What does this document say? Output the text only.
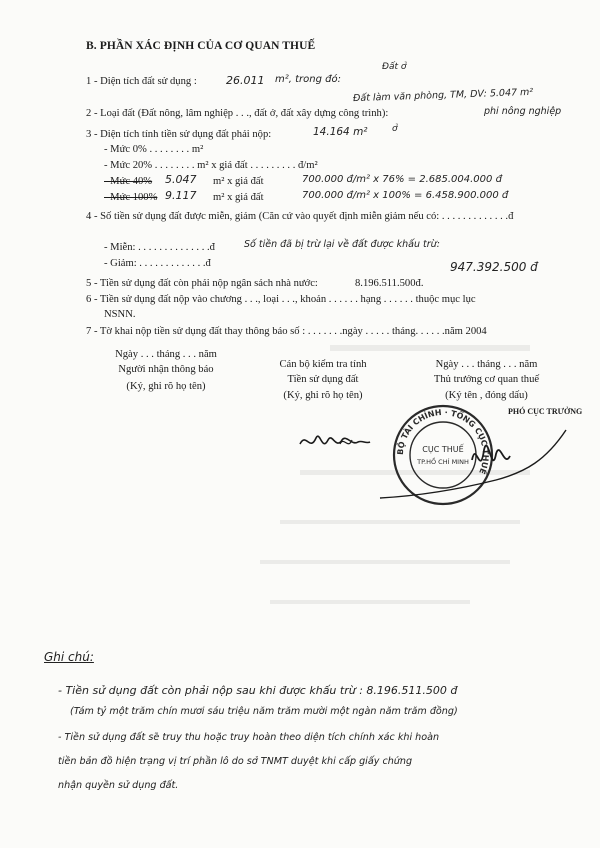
B. PHẦN XÁC ĐỊNH CỦA CƠ QUAN THUẾ
1 - Diện tích đất sử dụng :	26.011 m², trong đó:
Đất ở
Đất làm văn phòng, TM, DV: 5.047 m²
2 - Loại đất (Đất nông, lâm nghiệp . . ., đất ở, đất xây dựng công trình):	phi nông nghiệp
3 - Diện tích tính tiền sử dụng đất phải nộp:	14.164 m²	ở
- Mức 0% . . . . . . . . m²
- Mức 20% . . . . . . . . m² x giá đất . . . . . . . . . đ/m²
- Mức 40% 5.047 m² x giá đất	700.000 đ/m² x 76% = 2.685.004.000 đ
- Mức 100% 9.117 m² x giá đất	700.000 đ/m² x 100% = 6.458.900.000 đ
4 - Số tiền sử dụng đất được miễn, giảm (Căn cứ vào quyết định miễn giảm nếu có: . . . . . . . . . . . . .đ
Số tiền đã bị trừ lại về đất được khấu trừ:
- Miễn: . . . . . . . . . . . . . .đ
- Giảm: . . . . . . . . . . . . .đ	947.392.500 đ
5 - Tiền sử dụng đất còn phải nộp ngân sách nhà nước:	8.196.511.500đ.
6 - Tiền sử dụng đất nộp vào chương . . ., loại . . ., khoản . . . . . . hạng . . . . . . thuộc mục lục
NSNN.
7 - Tờ khai nộp tiền sử dụng đất thay thông báo số : . . . . . . .ngày . . . . . tháng. . . . . .năm 2004
Ngày . . . tháng . . . năm
Người nhận thông báo
(Ký, ghi rõ họ tên)
Cán bộ kiểm tra tính
Tiền sử dụng đất
(Ký, ghi rõ họ tên)
Ngày . . . tháng . . . năm
Thủ trưởng cơ quan thuế
(Ký tên , đóng dấu)
PHÓ CỤC TRƯỞNG
BỘ TÀI CHÍNH · TỔNG CỤC THUẾ
CỤC THUẾ
TP.HỒ CHÍ MINH
Ghi chú:
- Tiền sử dụng đất còn phải nộp sau khi được khấu trừ : 8.196.511.500 đ
(Tám tỷ một trăm chín mươi sáu triệu năm trăm mười một ngàn năm trăm đồng)
- Tiền sử dụng đất sẽ truy thu hoặc truy hoàn theo diện tích chính xác khi hoàn
tiền bản đồ hiện trạng vị trí phần lô do sở TNMT duyệt khi cấp giấy chứng
nhận quyền sử dụng đất.
